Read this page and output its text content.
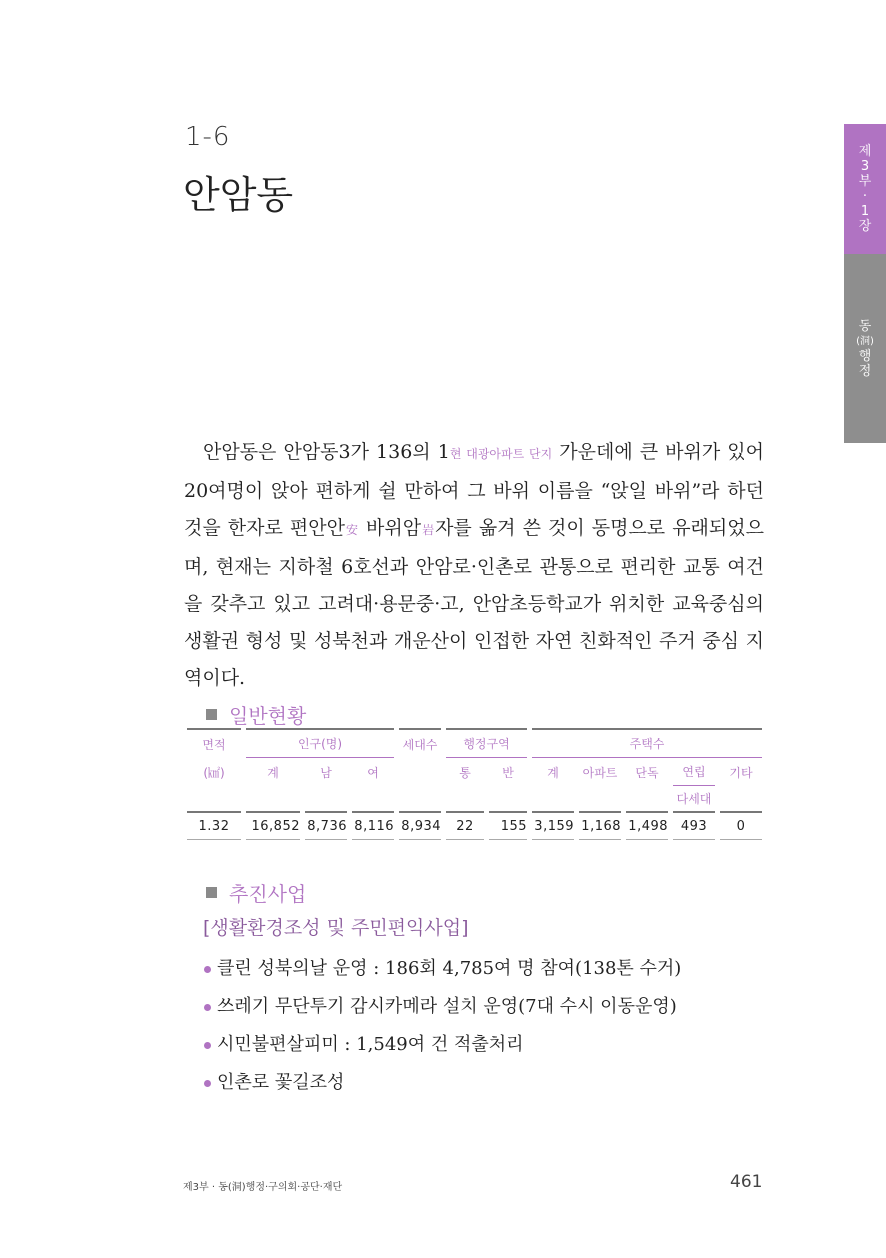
1-6
안암동
제
3
부
·
1
장
동
(洞)
행
정

안암동은 안암동3가 136의 1현 대광아파트 단지 가운데에 큰 바위가 있어 20여명이 앉아 편하게 쉴 만하여 그 바위 이름을 “앉일 바위”라 하던 것을 한자로 편안안安 바위암岩자를 옮겨 쓴 것이 동명으로 유래되었으며, 현재는 지하철 6호선과 안암로·인촌로 관통으로 편리한 교통 여건을 갖추고 있고 고려대·용문중·고, 안암초등학교가 위치한 교육중심의 생활권 형성 및 성북천과 개운산이 인접한 자연 친화적인 주거 중심 지역이다.

일반현황
면적	인구(명)			세대수	행정구역		주택수				
(㎢)	계	남	여		통	반	계	아파트	단독	연립	기타
										다세대	
1.32	16,852	8,736	8,116	8,934	22	155	3,159	1,168	1,498	493	0
추진사업
[생활환경조성 및 주민편익사업]
클린 성북의날 운영 : 186회 4,785여 명 참여(138톤 수거)
쓰레기 무단투기 감시카메라 설치 운영(7대 수시 이동운영)
시민불편살피미 : 1,549여 건 적출처리
인촌로 꽃길조성
제3부 · 동(洞)행정·구의회·공단·재단	461
